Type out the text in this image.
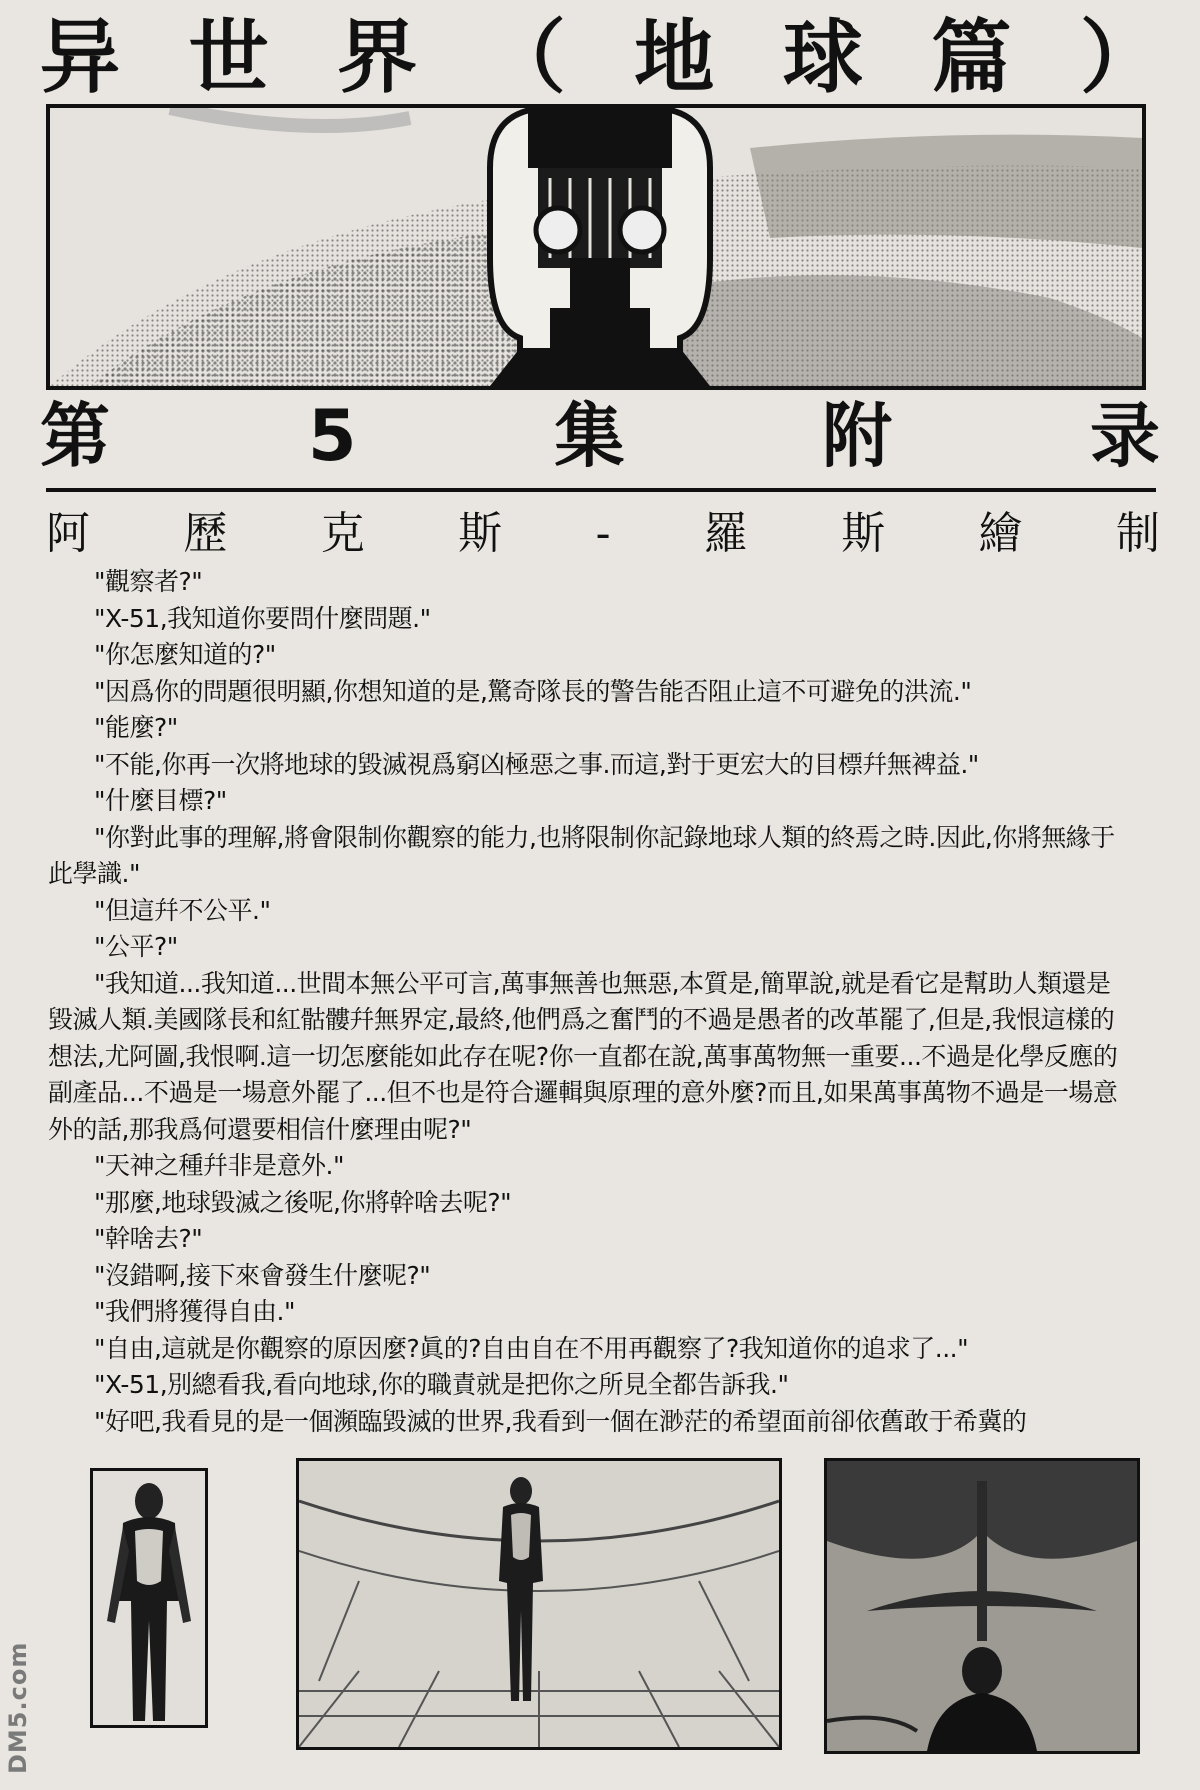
异 世 界 （ 地 球 篇 ）
第	5	集	附	录
阿 歷 克 斯 - 羅 斯 繪 制

"觀察者?"

"X-51,我知道你要問什麼問題."

"你怎麼知道的?"

"因爲你的問題很明顯,你想知道的是,驚奇隊長的警告能否阻止這不可避免的洪流."

"能麼?"

"不能,你再一次將地球的毀滅視爲窮凶極惡之事.而這,對于更宏大的目標幷無裨益."

"什麼目標?"

"你對此事的理解,將會限制你觀察的能力,也將限制你記錄地球人類的終焉之時.因此,你將無緣于此學識."

"但這幷不公平."

"公平?"

"我知道...我知道...世間本無公平可言,萬事無善也無惡,本質是,簡單說,就是看它是幫助人類還是毀滅人類.美國隊長和紅骷髏幷無界定,最終,他們爲之奮鬥的不過是愚者的改革罷了,但是,我恨這樣的想法,尤阿圖,我恨啊.這一切怎麼能如此存在呢?你一直都在說,萬事萬物無一重要...不過是化學反應的副產品...不過是一場意外罷了...但不也是符合邏輯與原理的意外麼?而且,如果萬事萬物不過是一場意外的話,那我爲何還要相信什麼理由呢?"

"天神之種幷非是意外."

"那麼,地球毀滅之後呢,你將幹啥去呢?"

"幹啥去?"

"沒錯啊,接下來會發生什麼呢?"

"我們將獲得自由."

"自由,這就是你觀察的原因麼?眞的?自由自在不用再觀察了?我知道你的追求了..."

"X-51,別總看我,看向地球,你的職責就是把你之所見全都告訴我."

"好吧,我看見的是一個瀕臨毀滅的世界,我看到一個在渺茫的希望面前卻依舊敢于希冀的

DM5.com
